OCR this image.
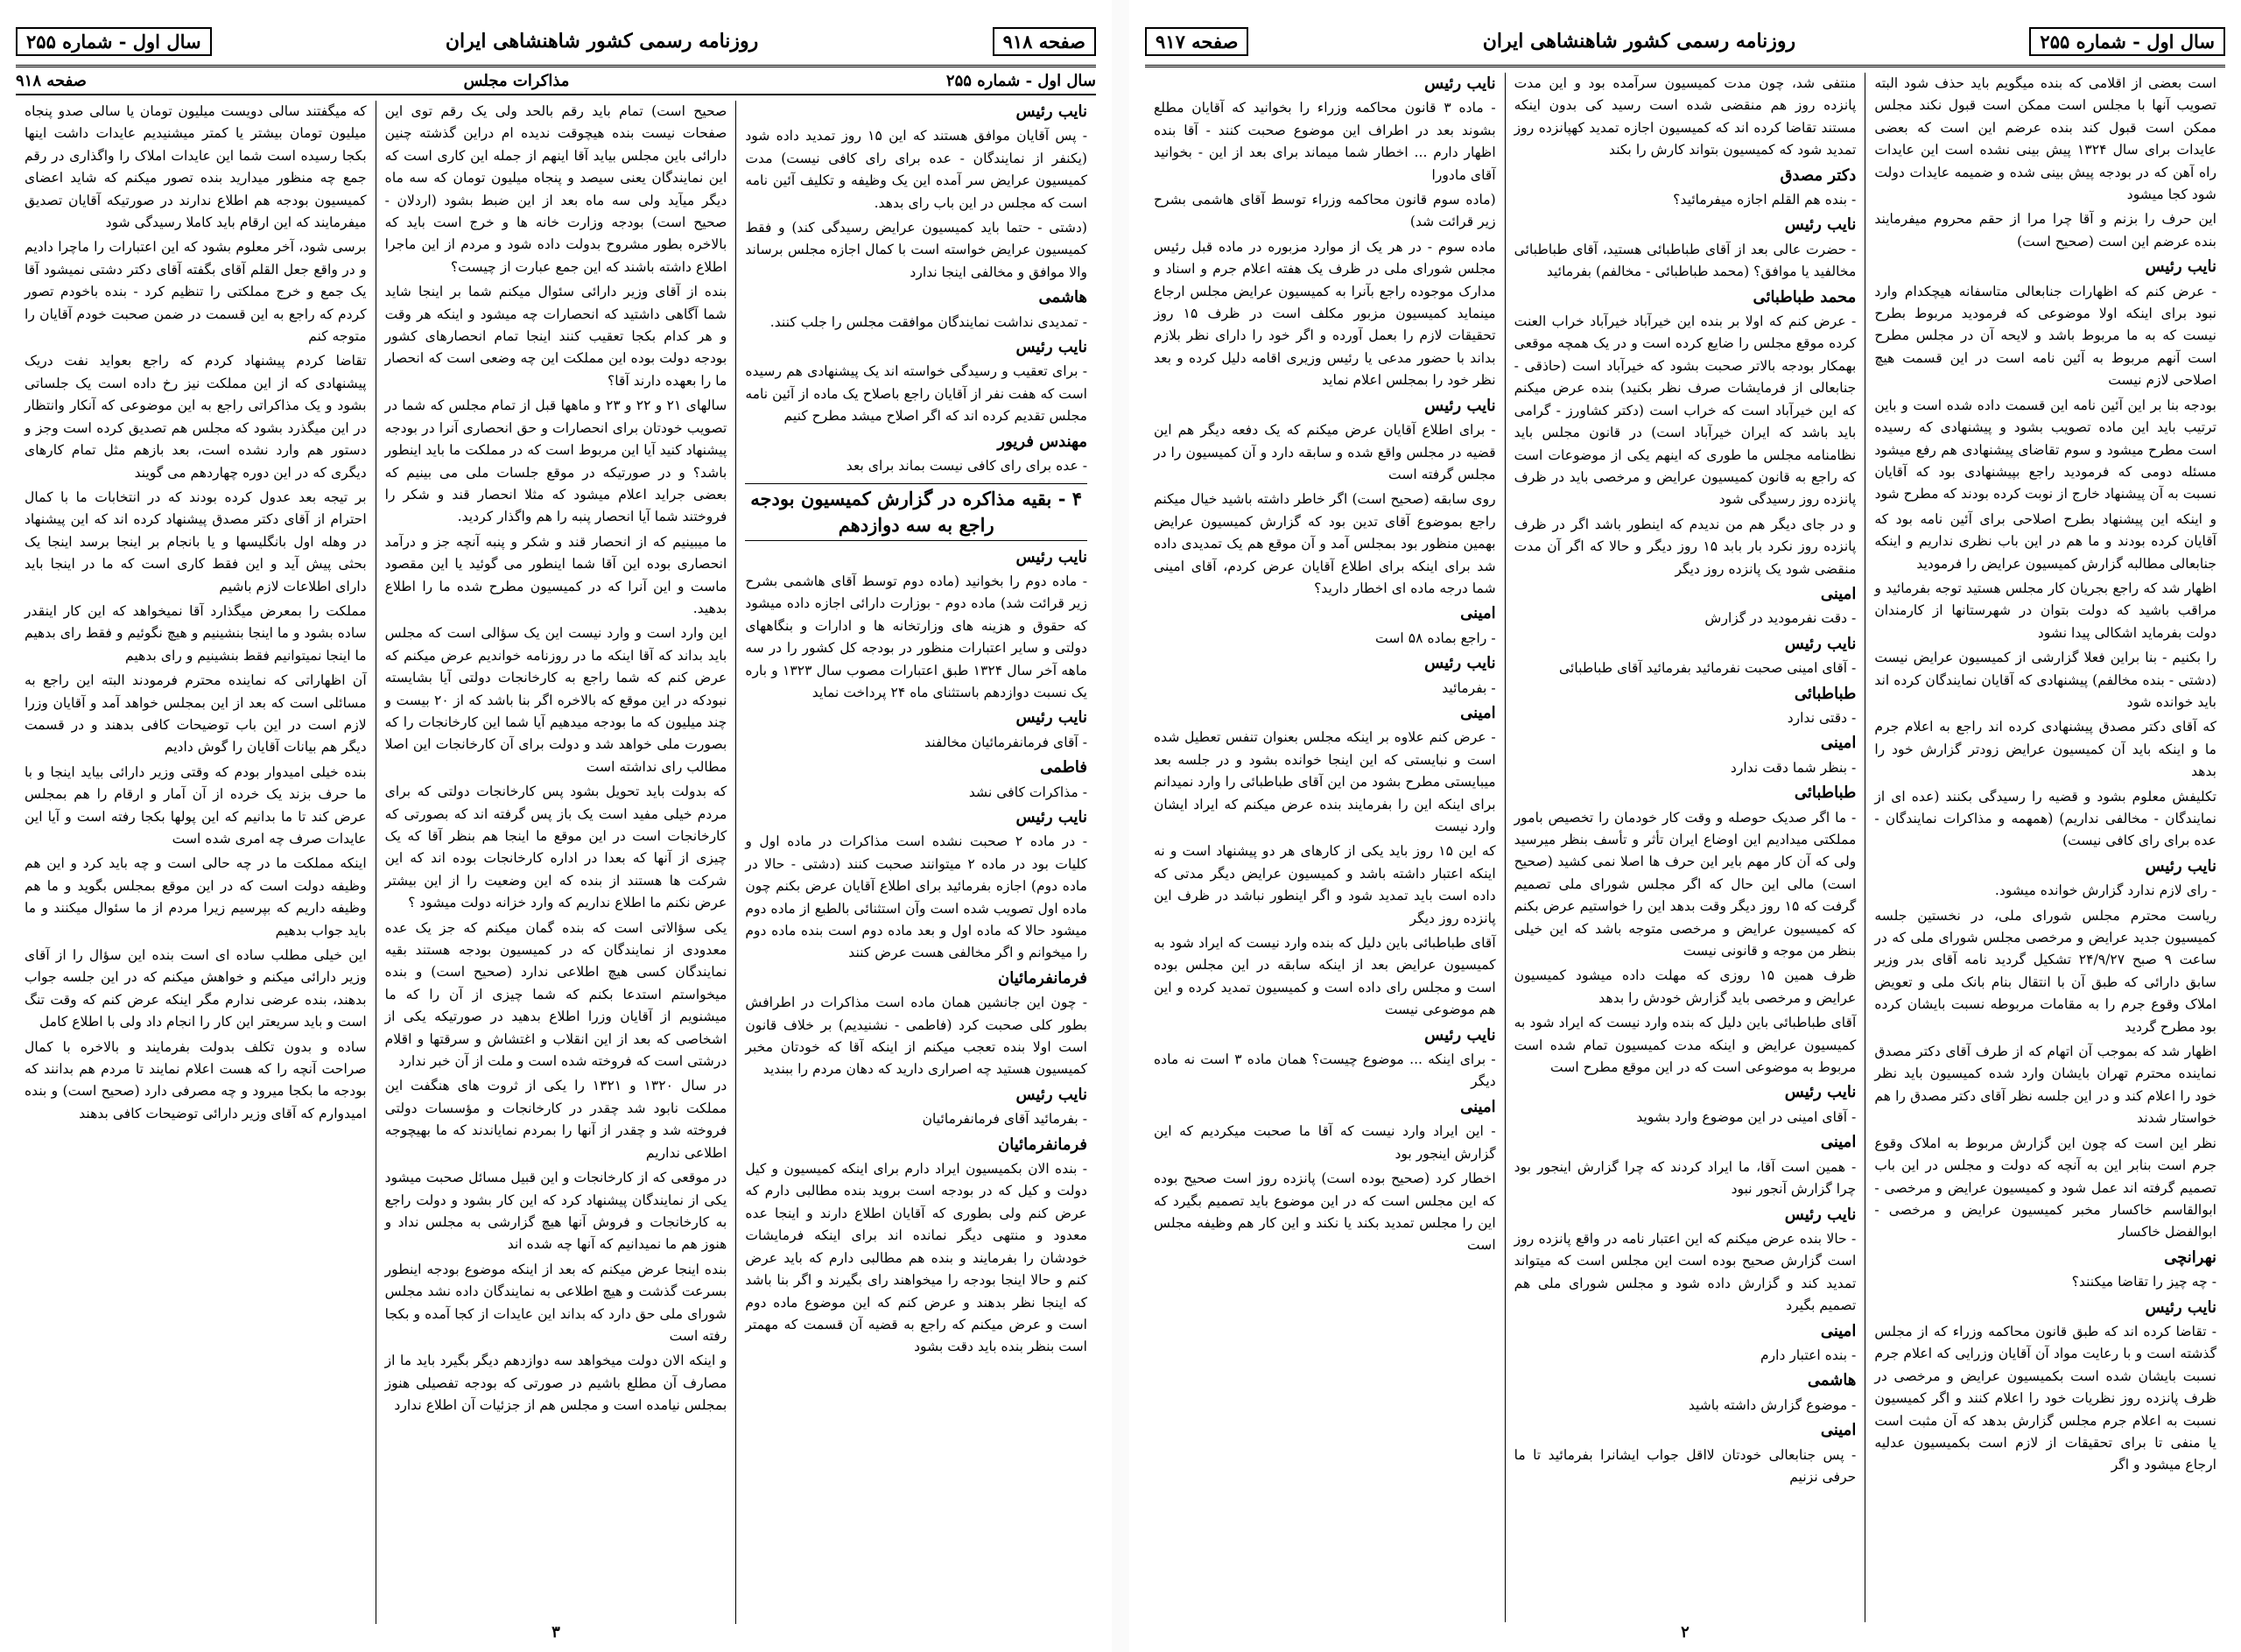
صفحه ۹۱۸
روزنامه رسمی کشور شاهنشاهی ایران
سال اول - شماره ۲۵۵
سال اول - شماره ۲۵۵
مذاکرات مجلس
صفحه ۹۱۸

نایب رئیس

- پس آقایان موافق هستند که این ۱۵ روز تمدید داده شود (یکنفر از نمایندگان - عده برای رای کافی نیست) مدت کمیسیون عرایض سر آمده این یک وظیفه و تکلیف آئین نامه است که مجلس در این باب رای بدهد.

(دشتی - حتما باید کمیسیون عرایض رسیدگی کند) و فقط کمیسیون عرایض خواسته است با کمال اجازه مجلس برساند والا موافق و مخالفی اینجا ندارد

هاشمی

- تمدیدی نداشت نمایندگان موافقت مجلس را جلب کنند.

نایب رئیس

- برای تعقیب و رسیدگی خواسته اند یک پیشنهادی هم رسیده است که هفت نفر از آقایان راجع باصلاح یک ماده از آئین نامه مجلس تقدیم کرده اند که اگر اصلاح میشد مطرح کنیم

مهندس فریور

- عده برای رای کافی نیست بماند برای بعد

۴ - بقیه مذاکره در گزارش کمیسیون بودجه راجع به سه دوازدهم

نایب رئیس

- ماده دوم را بخوانید (ماده دوم توسط آقای هاشمی بشرح زیر قرائت شد) ماده دوم - بوزارت دارائی اجازه داده میشود که حقوق و هزینه های وزارتخانه ها و ادارات و بنگاههای دولتی و سایر اعتبارات منظور در بودجه کل کشور را در سه ماهه آخر سال ۱۳۲۴ طبق اعتبارات مصوب سال ۱۳۲۳ و باره یک نسبت دوازدهم باستثنای ماه ۲۴ پرداخت نماید

نایب رئیس

- آقای فرمانفرمائیان مخالفند

فاطمی

- مذاکرات کافی نشد

نایب رئیس

- در ماده ۲ صحبت نشده است مذاکرات در ماده اول و کلیات بود در ماده ۲ میتوانند صحبت کنند (دشتی - حالا در ماده دوم) اجازه بفرمائید برای اطلاع آقایان عرض بکنم چون ماده اول تصویب شده است وآن استثنائی بالطبع از ماده دوم میشود حالا که ماده اول و بعد ماده دوم است بنده ماده دوم را میخوانم و اگر مخالفی هست عرض کنند

فرمانفرمائیان

- چون این جانشین همان ماده است مذاکرات در اطرافش بطور کلی صحبت کرد (فاطمی - نشنیدیم) بر خلاف قانون است اولا بنده تعجب میکنم از اینکه آقا که خودتان مخبر کمیسیون هستید چه اصراری دارید که دهان مردم را ببندید

نایب رئیس

- بفرمائید آقای فرمانفرمائیان

فرمانفرمائیان

- بنده الان بکمیسیون ایراد دارم برای اینکه کمیسیون و کیل دولت و کیل که در بودجه است بروید بنده مطالبی دارم که عرض کنم ولی بطوری که آقایان اطلاع دارند و اینجا عده معدود و منتهی دیگر نمانده اند برای اینکه فرمایشات خودشان را بفرمایند و بنده هم مطالبی دارم که باید عرض کنم و حالا اینجا بودجه را میخواهند رای بگیرند و اگر بنا باشد که اینجا نظر بدهند و عرض کنم که این موضوع ماده دوم است و عرض میکنم که راجع به قضیه آن قسمت که مهمتر است بنظر بنده باید دقت بشود

صحیح است) تمام باید رقم بالحد ولی یک رقم توی این صفحات نیست بنده هیچوقت ندیده ام دراین گذشته چنین دارائی باین مجلس بیاید آقا اینهم از جمله این کاری است که این نمایندگان یعنی سیصد و پنجاه میلیون تومان که سه ماه دیگر میآید ولی سه ماه بعد از این ضبط بشود (اردلان - صحیح است) بودجه وزارت خانه ها و خرج است باید که بالاخره بطور مشروح بدولت داده شود و مردم از این ماجرا اطلاع داشته باشند که این جمع عبارت از چیست؟

بنده از آقای وزیر دارائی سئوال میکنم شما بر اینجا شاید شما آگاهی داشتید که انحصارات چه میشود و اینکه هر وقت و هر کدام بکجا تعقیب کنند اینجا تمام انحصارهای کشور بودجه دولت بوده این مملکت این چه وضعی است که انحصار ما را بعهده دارند آقا؟

سالهای ۲۱ و ۲۲ و ۲۳ و ماهها قبل از تمام مجلس که شما در تصویب خودتان برای انحصارات و حق انحصاری آنرا در بودجه پیشنهاد کنید آیا این مربوط است که در مملکت ما باید اینطور باشد؟ و در صورتیکه در موقع جلسات ملی می بینیم که بعضی جراید اعلام میشود که مثلا انحصار قند و شکر را فروختند شما آیا انحصار پنبه را هم واگذار کردید.

ما میبینیم که از انحصار قند و شکر و پنبه آنچه جز و درآمد انحصاری بوده این آقا شما اینطور می گوئید یا این مقصود ماست و این آنرا که در کمیسیون مطرح شده ما را اطلاع بدهید.

این وارد است و وارد نیست این یک سؤالی است که مجلس باید بداند که آقا اینکه ما در روزنامه خواندیم عرض میکنم که عرض کنم که شما راجع به کارخانجات دولتی آیا بشایسته نبودکه در این موقع که بالاخره اگر بنا باشد که از ۲۰ بیست و چند میلیون که ما بودجه میدهیم آیا شما این کارخانجات را که بصورت ملی خواهد شد و دولت برای آن کارخانجات این اصلا مطالب رای نداشته است

که بدولت باید تحویل بشود پس کارخانجات دولتی که برای مردم خیلی مفید است یک باز پس گرفته اند که بصورتی که کارخانجات است در این موقع ما اینجا هم بنظر آقا که یک چیزی از آنها که بعدا در اداره کارخانجات بوده اند که این شرکت ها هستند از بنده که این وضعیت را از این بیشتر عرض نکنم ما اطلاع نداریم که وارد خزانه دولت میشود ؟

یکی سؤالاتی است که بنده گمان میکنم که جز یک عده معدودی از نمایندگان که در کمیسیون بودجه هستند بقیه نمایندگان کسی هیچ اطلاعی ندارد (صحیح است) و بنده میخواستم استدعا بکنم که شما چیزی از آن را که ما میشنویم از آقایان وزرا اطلاع بدهید در صورتیکه یکی از اشخاصی که بعد از این انقلاب و اغتشاش و سرقتها و اقلام درشتی است که فروخته شده است و ملت از آن خبر ندارد

در سال ۱۳۲۰ و ۱۳۲۱ را یکی از ثروت های هنگفت این مملکت نابود شد چقدر در کارخانجات و مؤسسات دولتی فروخته شد و چقدر از آنها را بمردم نمایاندند که ما بهیچوجه اطلاعی نداریم

در موقعی که از کارخانجات و این قبیل مسائل صحبت میشود یکی از نمایندگان پیشنهاد کرد که این کار بشود و دولت راجع به کارخانجات و فروش آنها هیچ گزارشی به مجلس نداد و هنوز هم ما نمیدانیم که آنها چه شده اند

بنده اینجا عرض میکنم که بعد از اینکه موضوع بودجه اینطور بسرعت گذشت و هیچ اطلاعی به نمایندگان داده نشد مجلس شورای ملی حق دارد که بداند این عایدات از کجا آمده و بکجا رفته است

و اینکه الان دولت میخواهد سه دوازدهم دیگر بگیرد باید ما از مصارف آن مطلع باشیم در صورتی که بودجه تفصیلی هنوز بمجلس نیامده است و مجلس هم از جزئیات آن اطلاع ندارد

که میگفتند سالی دویست میلیون تومان یا سالی صدو پنجاه میلیون تومان بیشتر یا کمتر میشنیدیم عایدات داشت اینها بکجا رسیده است شما این عایدات املاک را واگذاری در رقم جمع چه منظور میدارید بنده تصور میکنم که شاید اعضای کمیسیون بودجه هم اطلاع ندارند در صورتیکه آقایان تصدیق میفرمایند که این ارقام باید کاملا رسیدگی شود

برسی شود، آخر معلوم بشود که این اعتبارات را ماچرا دادیم و در واقع جعل القلم آقای بگفته آقای دکتر دشتی نمیشود آقا یک جمع و خرج مملکتی را تنظیم کرد - بنده باخودم تصور کردم که راجع به این قسمت در ضمن صحبت خودم آقایان را متوجه کنم

تقاضا کردم پیشنهاد کردم که راجع بعواید نفت دریک پیشنهادی که از این مملکت نیز رخ داده است یک جلساتی بشود و یک مذاکراتی راجع به این موضوعی که آنکار وانتظار در این میگذرد بشود که مجلس هم تصدیق کرده است وجز و دستور هم وارد نشده است، بعد بازهم مثل تمام کارهای دیگری که در این دوره چهاردهم می گویند

بر تیجه بعد عدول کرده بودند که در انتخابات ما با کمال احترام از آقای دکتر مصدق پیشنهاد کرده اند که این پیشنهاد در وهله اول بانگلیسها و یا بانجام بر اینجا برسد اینجا یک بحثی پیش آید و این فقط کاری است که ما در اینجا باید دارای اطلاعات لازم باشیم

مملکت را بمعرض میگذارد آقا نمیخواهد که این کار اینقدر ساده بشود و ما اینجا بنشینیم و هیچ نگوئیم و فقط رای بدهیم ما اینجا نمیتوانیم فقط بنشینیم و رای بدهیم

آن اظهاراتی که نماینده محترم فرمودند البته این راجع به مسائلی است که بعد از این بمجلس خواهد آمد و آقایان وزرا لازم است در این باب توضیحات کافی بدهند و در قسمت دیگر هم بیانات آقایان را گوش دادیم

بنده خیلی امیدوار بودم که وقتی وزیر دارائی بیاید اینجا و با ما حرف بزند یک خرده از آن آمار و ارقام را هم بمجلس عرض کند تا ما بدانیم که این پولها بکجا رفته است و آیا این عایدات صرف چه امری شده است

اینکه مملکت ما در چه حالی است و چه باید کرد و این هم وظیفه دولت است که در این موقع بمجلس بگوید و ما هم وظیفه داریم که بپرسیم زیرا مردم از ما سئوال میکنند و ما باید جواب بدهیم

این خیلی مطلب ساده ای است بنده این سؤال را از آقای وزیر دارائی میکنم و خواهش میکنم که در این جلسه جواب بدهند، بنده عرضی ندارم مگر اینکه عرض کنم که وقت تنگ است و باید سریعتر این کار را انجام داد ولی با اطلاع کامل

ساده و بدون تکلف بدولت بفرمایند و بالاخره با کمال صراحت آنچه را که هست اعلام نمایند تا مردم هم بدانند که بودجه ما بکجا میرود و چه مصرفی دارد (صحیح است) و بنده امیدوارم که آقای وزیر دارائی توضیحات کافی بدهند

۳
سال اول - شماره ۲۵۵
روزنامه رسمی کشور شاهنشاهی ایران
صفحه ۹۱۷

است بعضی از اقلامی که بنده میگویم باید حذف شود البته تصویب آنها با مجلس است ممکن است قبول نکند مجلس ممکن است قبول کند بنده عرضم این است که بعضی عایدات برای سال ۱۳۲۴ پیش بینی نشده است این عایدات راه آهن که در بودجه پیش بینی شده و ضمیمه عایدات دولت شود کجا میشود

این حرف را بزنم و آقا چرا مرا از حقم محروم میفرمایند بنده عرضم این است (صحیح است)

نایب رئیس

- عرض کنم که اظهارات جنابعالی متاسفانه هیچکدام وارد نبود برای اینکه اولا موضوعی که فرمودید مربوط بطرح نیست که به ما مربوط باشد و لایحه آن در مجلس مطرح است آنهم مربوط به آئین نامه است در این قسمت هیچ اصلاحی لازم نیست

بودجه بنا بر این آئین نامه این قسمت داده شده است و باین ترتیب باید این ماده تصویب بشود و پیشنهادی که رسیده است مطرح میشود و سوم تقاضای پیشنهادی هم رفع میشود مسئله دومی که فرمودید راجع بپیشنهادی بود که آقایان نسبت به آن پیشنهاد خارج از نوبت کرده بودند که مطرح شود

و اینکه این پیشنهاد بطرح اصلاحی برای آئین نامه بود که آقایان کرده بودند و ما هم در این باب نظری نداریم و اینکه جنابعالی مطالبه گزارش کمیسیون عرایض را فرمودید

اظهار شد که راجع بجریان کار مجلس هستید توجه بفرمائید و مراقب باشید که دولت بتوان در شهرستانها از کارمندان دولت بفرماید اشکالی پیدا نشود

را بکنیم - بنا براین فعلا گزارشی از کمیسیون عرایض نیست (دشتی - بنده مخالفم) پیشنهادی که آقایان نمایندگان کرده اند باید خوانده شود

که آقای دکتر مصدق پیشنهادی کرده اند راجع به اعلام جرم ما و اینکه باید آن کمیسیون عرایض زودتر گزارش خود را بدهد

تکلیفش معلوم بشود و قضیه را رسیدگی بکنند (عده ای از نمایندگان - مخالفی نداریم) (همهمه و مذاکرات نمایندگان - عده برای رای کافی نیست)

نایب رئیس

- رای لازم ندارد گزارش خوانده میشود.

ریاست محترم مجلس شورای ملی، در نخستین جلسه کمیسیون جدید عرایض و مرخصی مجلس شورای ملی که در ساعت ۹ صبح ۲۴/۹/۲۷ تشکیل گردید نامه آقای بدر وزیر سابق دارائی که طبق آن با انتقال بنام بانک ملی و تعویض املاک وقوع جرم را به مقامات مربوطه نسبت بایشان کرده بود مطرح گردید

اظهار شد که بموجب آن اتهام که از طرف آقای دکتر مصدق نماینده محترم تهران بایشان وارد شده کمیسیون باید نظر خود را اعلام کند و در این جلسه نظر آقای دکتر مصدق را هم خواستار شدند

نظر این است که چون این گزارش مربوط به املاک وقوع جرم است بنابر این به آنچه که دولت و مجلس در این باب تصمیم گرفته اند عمل شود و کمیسیون عرایض و مرخصی - ابوالقاسم خاکسار مخبر کمیسیون عرایض و مرخصی - ابوالفضل خاکسار

نهرانچی

- چه چیز را تقاضا میکنند؟

نایب رئیس

- تقاضا کرده اند که طبق قانون محاکمه وزراء که از مجلس گذشته است و با رعایت مواد آن آقایان وزرایی که اعلام جرم نسبت بایشان شده است بکمیسیون عرایض و مرخصی در ظرف پانزده روز نظریات خود را اعلام کنند و اگر کمیسیون نسبت به اعلام جرم مجلس گزارش بدهد که آن مثبت است یا منفی تا برای تحقیقات از لازم است بکمیسیون عدلیه ارجاع میشود و اگر

منتفی شد، چون مدت کمیسیون سرآمده بود و این مدت پانزده روز هم منقضی شده است رسید کی بدون اینکه مستند تقاضا کرده اند که کمیسیون اجازه تمدید کهپانزده روز تمدید شود که کمیسیون بتواند کارش را بکند

دکتر مصدق

- بنده هم القلم اجازه میفرمائید؟

نایب رئیس

- حضرت عالی بعد از آقای طباطبائی هستید، آقای طباطبائی مخالفید یا موافق؟ (محمد طباطبائی - مخالفم) بفرمائید

محمد طباطبائی

- عرض کنم که اولا بر بنده این خیرآباد خیرآباد خراب العنت کرده موقع مجلس را ضایع کرده است و در یک همچه موقعی بهمکار بودجه بالاتر صحبت بشود که خیرآباد است (حاذقی - جنابعالی از فرمایشات صرف نظر بکنید) بنده عرض میکنم که این خیرآباد است که خراب است (دکتر کشاورز - گرامی باید باشد که ایران خیرآباد است) در قانون مجلس باید نظامنامه مجلس ما طوری که اینهم یکی از موضوعات است که راجع به قانون کمیسیون عرایض و مرخصی باید در ظرف پانزده روز رسیدگی شود

و در جای دیگر هم من ندیدم که اینطور باشد اگر در ظرف پانزده روز نکرد بار بابد ۱۵ روز دیگر و حالا که اگر آن مدت منقضی شود یک پانزده روز دیگر

امینی

- دقت نفرمودید در گزارش

نایب رئیس

- آقای امینی صحبت نفرمائید بفرمائید آقای طباطبائی

طباطبائی

- دقتی ندارد

امینی

- بنظر شما دقت ندارد

طباطبائی

- ما اگر صدیک حوصله و وقت کار خودمان را تخصیص بامور مملکتی میدادیم این اوضاع ایران تأثر و تأسف بنظر میرسید ولی که آن کار مهم بایر این حرف ها اصلا نمی کشید (صحیح است) مالی این حال که اگر مجلس شورای ملی تصمیم گرفت که ۱۵ روز دیگر وقت بدهد این را خواستیم عرض بکنم که کمیسیون عرایض و مرخصی متوجه باشد که این خیلی بنظر من موجه و قانونی نیست

ظرف همین ۱۵ روزی که مهلت داده میشود کمیسیون عرایض و مرخصی باید گزارش خودش را بدهد

آقای طباطبائی باین دلیل که بنده وارد نیست که ایراد شود به کمیسیون عرایض و اینکه مدت کمیسیون تمام شده است مربوط به موضوعی است که در این موقع مطرح است

نایب رئیس

- آقای امینی در این موضوع وارد بشوید

امینی

- همین است آقا، ما ایراد کردند که چرا گزارش اینجور بود چرا گزارش آنجور نبود

نایب رئیس

- حالا بنده عرض میکنم که این اعتبار نامه در واقع پانزده روز است گزارش صحیح بوده است این مجلس است که میتواند تمدید کند و گزارش داده شود و مجلس شورای ملی هم تصمیم بگیرد

امینی

- بنده اعتبار دارم

هاشمی

- موضوع گزارش داشته باشید

امینی

- پس جنابعالی خودتان لااقل جواب ایشانرا بفرمائید تا ما حرفی نزنیم

نایب رئیس

- ماده ۳ قانون محاکمه وزراء را بخوانید که آقایان مطلع بشوند بعد در اطراف این موضوع صحبت کنند - آقا بنده اظهار دارم ... اخطار شما میماند برای بعد از این - بخوانید آقای مادورا

(ماده سوم قانون محاکمه وزراء توسط آقای هاشمی بشرح زیر قرائت شد)

ماده سوم - در هر یک از موارد مزبوره در ماده قبل رئیس مجلس شورای ملی در ظرف یک هفته اعلام جرم و اسناد و مدارک موجوده راجع بآنرا به کمیسیون عرایض مجلس ارجاع مینماید کمیسیون مزبور مکلف است در ظرف ۱۵ روز تحقیقات لازم را بعمل آورده و اگر خود را دارای نظر بلازم بداند با حضور مدعی یا رئیس وزیری اقامه دلیل کرده و بعد نظر خود را بمجلس اعلام نماید

نایب رئیس

- برای اطلاع آقایان عرض میکنم که یک دفعه دیگر هم این قضیه در مجلس واقع شده و سابقه دارد و آن کمیسیون را در مجلس گرفته است

روی سابقه (صحیح است) اگر خاطر داشته باشید خیال میکنم راجع بموضوع آقای تدین بود که گزارش کمیسیون عرایض بهمین منظور بود بمجلس آمد و آن موقع هم یک تمدیدی داده شد برای اینکه برای اطلاع آقایان عرض کردم، آقای امینی شما درجه ماده ای اخطار دارید؟

امینی

- راجع بماده ۵۸ است

نایب رئیس

- بفرمائید

امینی

- عرض کنم علاوه بر اینکه مجلس بعنوان تنفس تعطیل شده است و نبایستی که این اینجا خوانده بشود و در جلسه بعد میبایستی مطرح بشود من این آقای طباطبائی را وارد نمیدانم برای اینکه این را بفرمایند بنده عرض میکنم که ایراد ایشان وارد نیست

که این ۱۵ روز باید یکی از کارهای هر دو پیشنهاد است و نه اینکه اعتبار داشته باشد و کمیسیون عرایض دیگر مدتی که داده است باید تمدید شود و اگر اینطور نباشد در ظرف این پانزده روز دیگر

آقای طباطبائی باین دلیل که بنده وارد نیست که ایراد شود به کمیسیون عرایض بعد از اینکه سابقه در این مجلس بوده است و مجلس رای داده است و کمیسیون تمدید کرده و این هم موضوعی نیست

نایب رئیس

- برای اینکه ... موضوع چیست؟ همان ماده ۳ است نه ماده دیگر

امینی

- این ایراد وارد نیست که آقا ما صحبت میکردیم که این گزارش اینجور بود

اخطار کرد (صحیح بوده است) پانزده روز است صحیح بوده که این مجلس است که در این موضوع باید تصمیم بگیرد که این را مجلس تمدید بکند یا نکند و این کار هم وظیفه مجلس است

۲
